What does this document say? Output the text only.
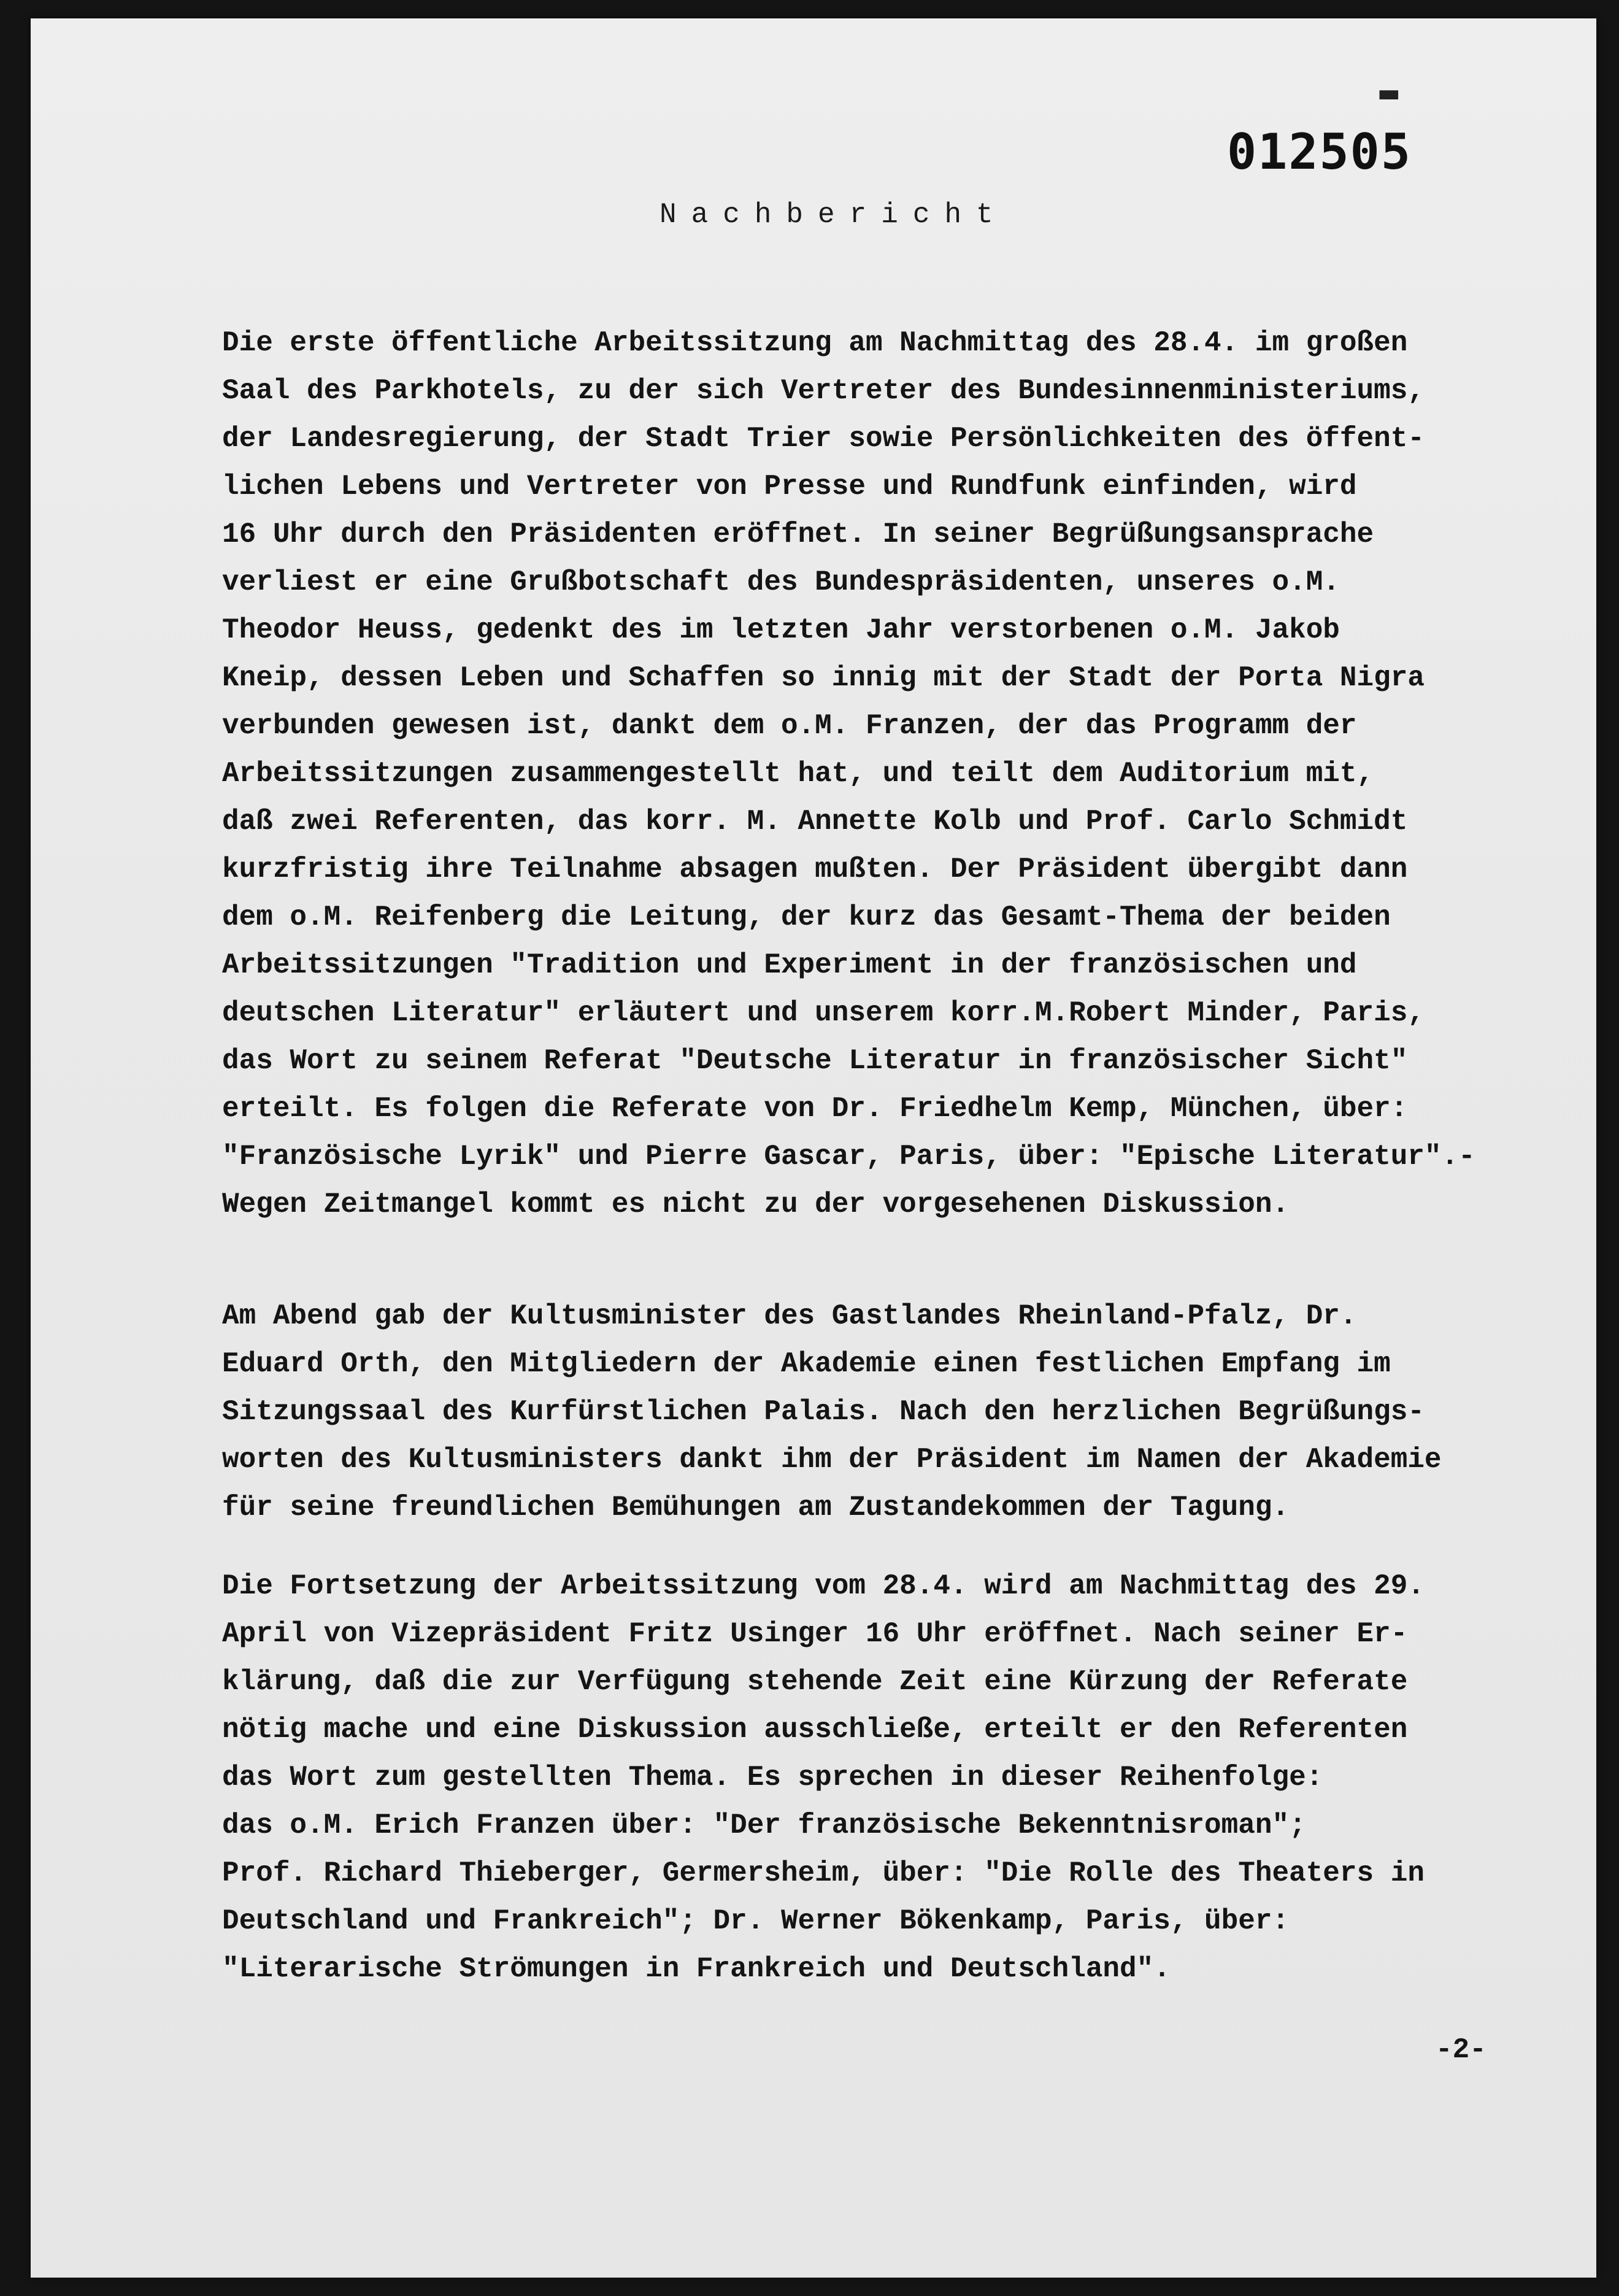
▬
012505
Nachbericht
Die erste öffentliche Arbeitssitzung am Nachmittag des 28.4. im großen
Saal des Parkhotels, zu der sich Vertreter des Bundesinnenministeriums,
der Landesregierung, der Stadt Trier sowie Persönlichkeiten des öffent-
lichen Lebens und Vertreter von Presse und Rundfunk einfinden, wird
16 Uhr durch den Präsidenten eröffnet. In seiner Begrüßungsansprache
verliest er eine Grußbotschaft des Bundespräsidenten, unseres o.M.
Theodor Heuss, gedenkt des im letzten Jahr verstorbenen o.M. Jakob
Kneip, dessen Leben und Schaffen so innig mit der Stadt der Porta Nigra
verbunden gewesen ist, dankt dem o.M. Franzen, der das Programm der
Arbeitssitzungen zusammengestellt hat, und teilt dem Auditorium mit,
daß zwei Referenten, das korr. M. Annette Kolb und Prof. Carlo Schmidt
kurzfristig ihre Teilnahme absagen mußten. Der Präsident übergibt dann
dem o.M. Reifenberg die Leitung, der kurz das Gesamt-Thema der beiden
Arbeitssitzungen "Tradition und Experiment in der französischen und
deutschen Literatur" erläutert und unserem korr.M.Robert Minder, Paris,
das Wort zu seinem Referat "Deutsche Literatur in französischer Sicht"
erteilt. Es folgen die Referate von Dr. Friedhelm Kemp, München, über:
"Französische Lyrik" und Pierre Gascar, Paris, über: "Epische Literatur".-
Wegen Zeitmangel kommt es nicht zu der vorgesehenen Diskussion.
Am Abend gab der Kultusminister des Gastlandes Rheinland-Pfalz, Dr.
Eduard Orth, den Mitgliedern der Akademie einen festlichen Empfang im
Sitzungssaal des Kurfürstlichen Palais. Nach den herzlichen Begrüßungs-
worten des Kultusministers dankt ihm der Präsident im Namen der Akademie
für seine freundlichen Bemühungen am Zustandekommen der Tagung.
Die Fortsetzung der Arbeitssitzung vom 28.4. wird am Nachmittag des 29.
April von Vizepräsident Fritz Usinger 16 Uhr eröffnet. Nach seiner Er-
klärung, daß die zur Verfügung stehende Zeit eine Kürzung der Referate
nötig mache und eine Diskussion ausschließe, erteilt er den Referenten
das Wort zum gestellten Thema. Es sprechen in dieser Reihenfolge:
das o.M. Erich Franzen über: "Der französische Bekenntnisroman";
Prof. Richard Thieberger, Germersheim, über: "Die Rolle des Theaters in
Deutschland und Frankreich"; Dr. Werner Bökenkamp, Paris, über:
"Literarische Strömungen in Frankreich und Deutschland".
-2-
